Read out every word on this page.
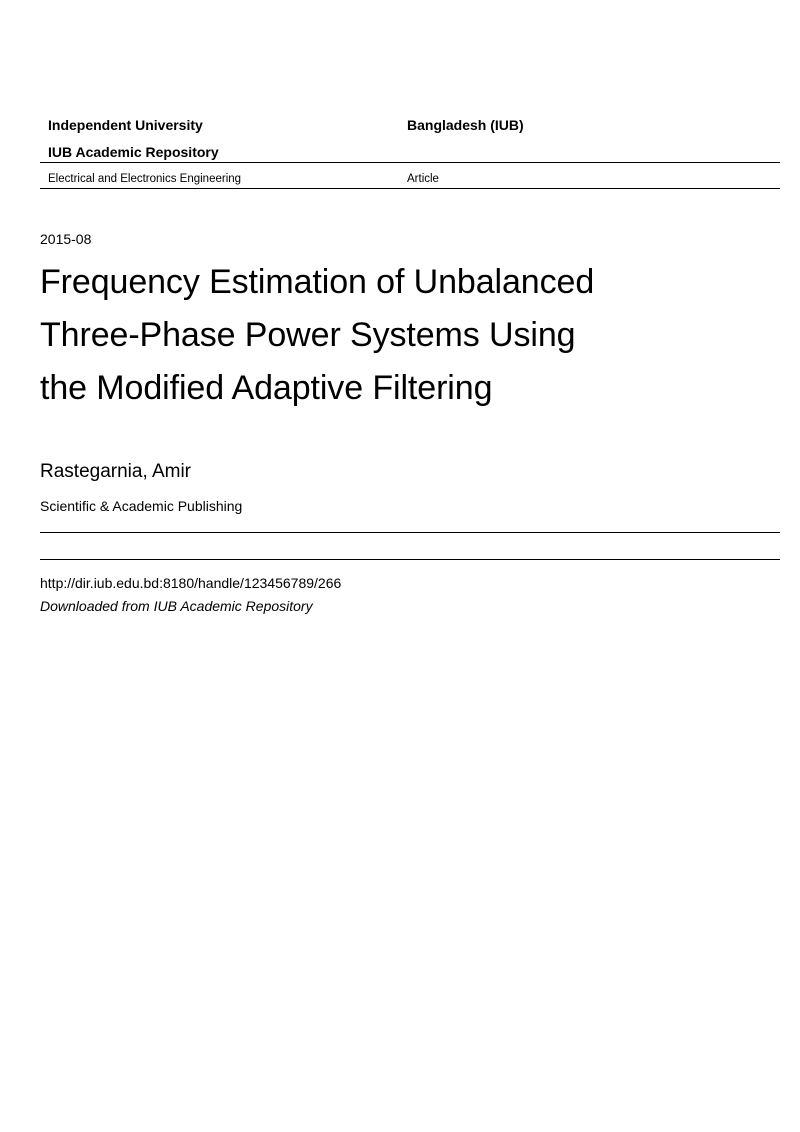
Independent University	Bangladesh (IUB)
IUB Academic Repository
Electrical and Electronics Engineering	Article
2015-08
Frequency Estimation of Unbalanced
Three-Phase Power Systems Using
the Modified Adaptive Filtering
Rastegarnia, Amir
Scientific & Academic Publishing
http://dir.iub.edu.bd:8180/handle/123456789/266
Downloaded from IUB Academic Repository
